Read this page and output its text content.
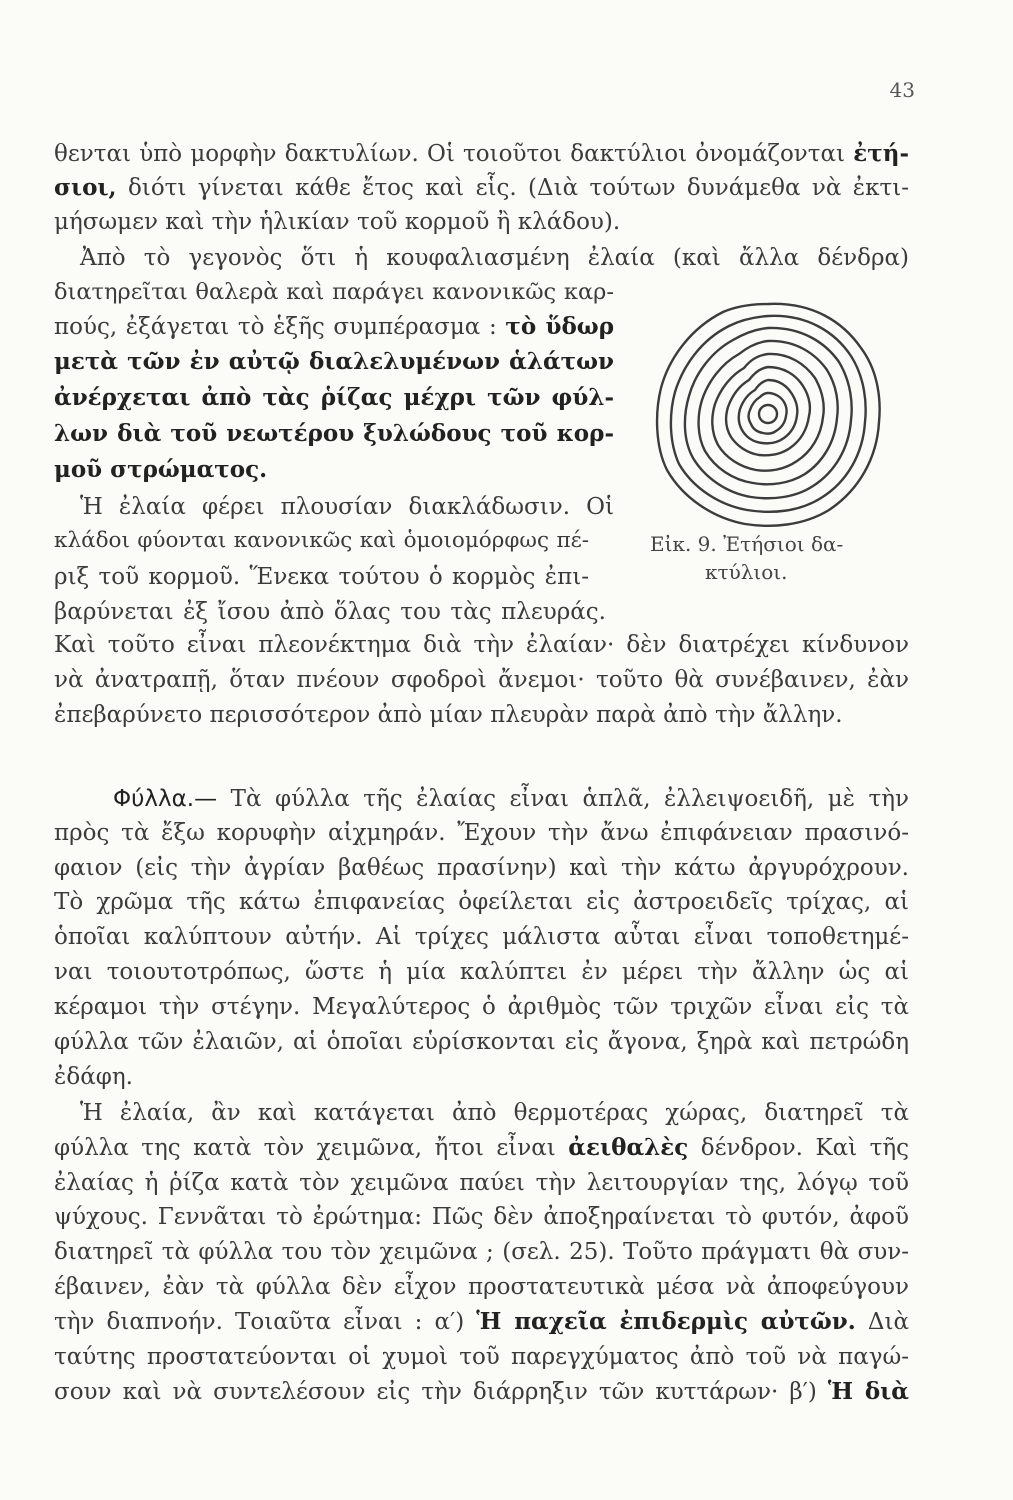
43
θενται ὑπὸ μορφὴν δακτυλίων. Οἱ τοιοῦτοι δακτύλιοι ὀνομάζονται ἐτή-
σιοι, διότι γίνεται κάθε ἔτος καὶ εἷς. (Διὰ τούτων δυνάμεθα νὰ ἐκτι-
μήσωμεν καὶ τὴν ἡλικίαν τοῦ κορμοῦ ἢ κλάδου).
Ἀπὸ τὸ γεγονὸς ὅτι ἡ κουφαλιασμένη ἐλαία (καὶ ἄλλα δένδρα)
διατηρεῖται θαλερὰ καὶ παράγει κανονικῶς καρ-
πούς, ἐξάγεται τὸ ἑξῆς συμπέρασμα : τὸ ὕδωρ
μετὰ τῶν ἐν αὐτῷ διαλελυμένων ἁλάτων
ἀνέρχεται ἀπὸ τὰς ῥίζας μέχρι τῶν φύλ-
λων διὰ τοῦ νεωτέρου ξυλώδους τοῦ κορ-
μοῦ στρώματος.
Ἡ ἐλαία φέρει πλουσίαν διακλάδωσιν. Οἱ
κλάδοι φύονται κανονικῶς καὶ ὁμοιομόρφως πέ-
ριξ τοῦ κορμοῦ. Ἕνεκα τούτου ὁ κορμὸς ἐπι-
βαρύνεται ἐξ ἴσου ἀπὸ ὅλας του τὰς πλευράς.
Καὶ τοῦτο εἶναι πλεονέκτημα διὰ τὴν ἐλαίαν· δὲν διατρέχει κίνδυνον
νὰ ἀνατραπῇ, ὅταν πνέουν σφοδροὶ ἄνεμοι· τοῦτο θὰ συνέβαινεν, ἐὰν
ἐπεβαρύνετο περισσότερον ἀπὸ μίαν πλευρὰν παρὰ ἀπὸ τὴν ἄλλην.
Εἰκ. 9. Ἐτήσιοι δα-
κτύλιοι.
Φύλλα.— Τὰ φύλλα τῆς ἐλαίας εἶναι ἁπλᾶ, ἐλλειψοειδῆ, μὲ τὴν
πρὸς τὰ ἔξω κορυφὴν αἰχμηράν. Ἔχουν τὴν ἄνω ἐπιφάνειαν πρασινό-
φαιον (εἰς τὴν ἀγρίαν βαθέως πρασίνην) καὶ τὴν κάτω ἀργυρόχρουν.
Τὸ χρῶμα τῆς κάτω ἐπιφανείας ὀφείλεται εἰς ἀστροειδεῖς τρίχας, αἱ
ὁποῖαι καλύπτουν αὐτήν. Αἱ τρίχες μάλιστα αὗται εἶναι τοποθετημέ-
ναι τοιουτοτρόπως, ὥστε ἡ μία καλύπτει ἐν μέρει τὴν ἄλλην ὡς αἱ
κέραμοι τὴν στέγην. Μεγαλύτερος ὁ ἀριθμὸς τῶν τριχῶν εἶναι εἰς τὰ
φύλλα τῶν ἐλαιῶν, αἱ ὁποῖαι εὑρίσκονται εἰς ἄγονα, ξηρὰ καὶ πετρώδη
ἐδάφη.
Ἡ ἐλαία, ἂν καὶ κατάγεται ἀπὸ θερμοτέρας χώρας, διατηρεῖ τὰ
φύλλα της κατὰ τὸν χειμῶνα, ἤτοι εἶναι ἀειθαλὲς δένδρον. Καὶ τῆς
ἐλαίας ἡ ῥίζα κατὰ τὸν χειμῶνα παύει τὴν λειτουργίαν της, λόγῳ τοῦ
ψύχους. Γεννᾶται τὸ ἐρώτημα: Πῶς δὲν ἀποξηραίνεται τὸ φυτόν, ἀφοῦ
διατηρεῖ τὰ φύλλα του τὸν χειμῶνα ; (σελ. 25). Τοῦτο πράγματι θὰ συν-
έβαινεν, ἐὰν τὰ φύλλα δὲν εἶχον προστατευτικὰ μέσα νὰ ἀποφεύγουν
τὴν διαπνοήν. Τοιαῦτα εἶναι : α′) Ἡ παχεῖα ἐπιδερμὶς αὐτῶν. Διὰ
ταύτης προστατεύονται οἱ χυμοὶ τοῦ παρεγχύματος ἀπὸ τοῦ νὰ παγώ-
σουν καὶ νὰ συντελέσουν εἰς τὴν διάρρηξιν τῶν κυττάρων· β′) Ἡ διὰ
